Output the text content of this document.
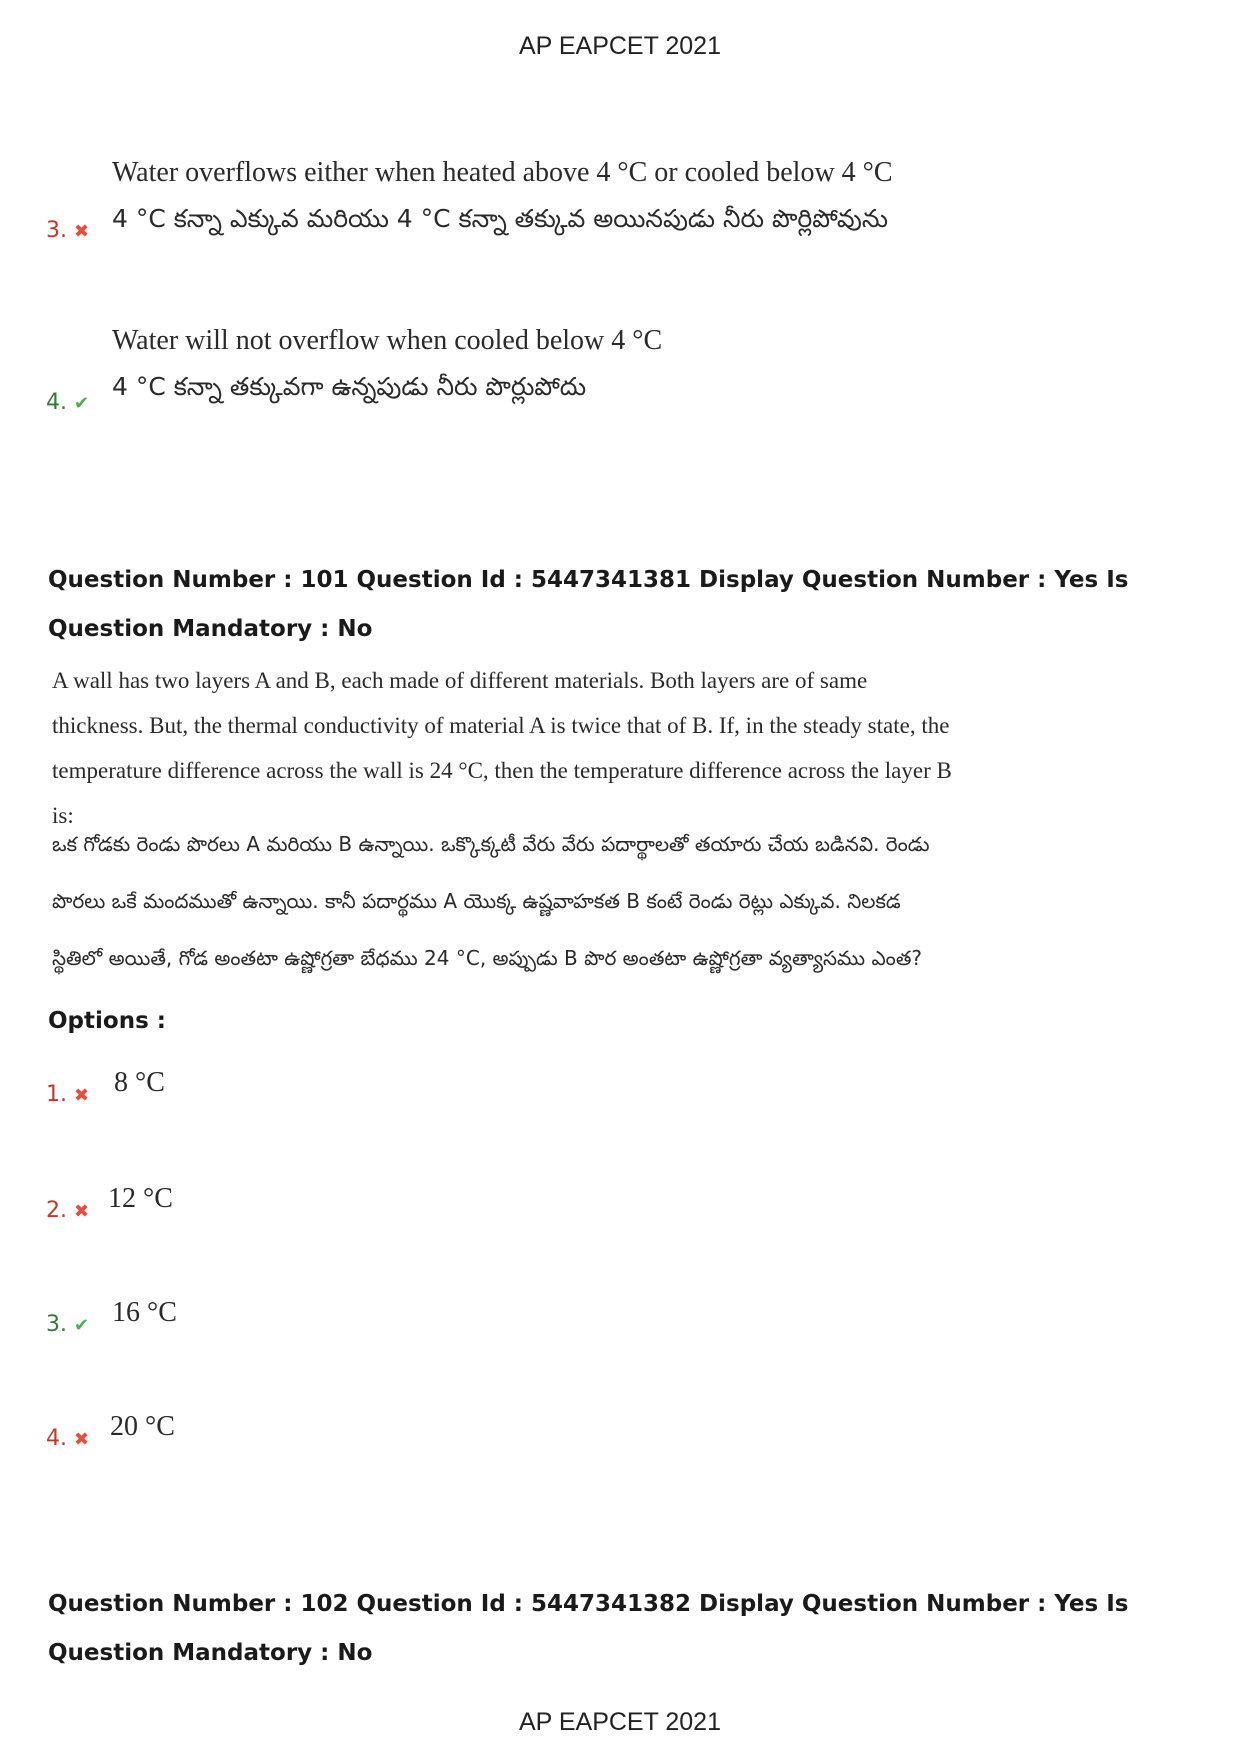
AP EAPCET 2021
3. ✖
Water overflows either when heated above 4 °C or cooled below 4 °C
4 °C కన్నా ఎక్కువ మరియు 4 °C కన్నా తక్కువ అయినపుడు నీరు పొర్లిపోవును
4. ✔
Water will not overflow when cooled below 4 °C
4 °C కన్నా తక్కువగా ఉన్నపుడు నీరు పొర్లుపోదు
Question Number : 101 Question Id : 5447341381 Display Question Number : Yes Is Question Mandatory : No
A wall has two layers A and B, each made of different materials. Both layers are of same thickness. But, the thermal conductivity of material A is twice that of B. If, in the steady state, the temperature difference across the wall is 24 °C, then the temperature difference across the layer B is:
ఒక గోడకు రెండు పొరలు A మరియు B ఉన్నాయి. ఒక్కొక్కటీ వేరు వేరు పదార్థాలతో తయారు చేయ బడినవి. రెండు పొరలు ఒకే మందముతో ఉన్నాయి. కానీ పదార్థము A యొక్క ఉష్ణవాహకత B కంటే రెండు రెట్లు ఎక్కువ. నిలకడ స్థితిలో అయితే, గోడ అంతటా ఉష్ణోగ్రతా బేధము 24 °C, అప్పుడు B పొర అంతటా ఉష్ణోగ్రతా వ్యత్యాసము ఎంత?
Options :
1. ✖ 8 °C
2. ✖ 12 °C
3. ✔ 16 °C
4. ✖ 20 °C
Question Number : 102 Question Id : 5447341382 Display Question Number : Yes Is Question Mandatory : No
AP EAPCET 2021
